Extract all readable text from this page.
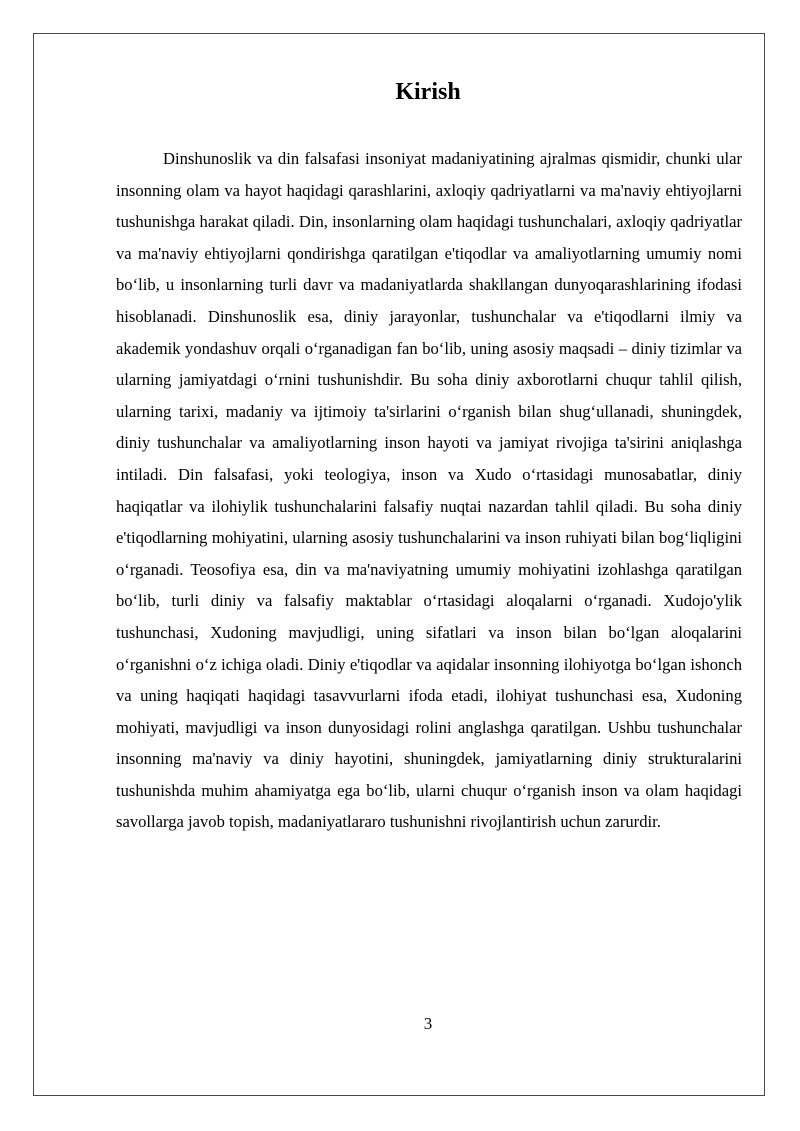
Kirish

Dinshunoslik va din falsafasi insoniyat madaniyatining ajralmas qismidir, chunki ular insonning olam va hayot haqidagi qarashlarini, axloqiy qadriyatlarni va ma'naviy ehtiyojlarni tushunishga harakat qiladi. Din, insonlarning olam haqidagi tushunchalari, axloqiy qadriyatlar va ma'naviy ehtiyojlarni qondirishga qaratilgan e'tiqodlar va amaliyotlarning umumiy nomi bo‘lib, u insonlarning turli davr va madaniyatlarda shakllangan dunyoqarashlarining ifodasi hisoblanadi. Dinshunoslik esa, diniy jarayonlar, tushunchalar va e'tiqodlarni ilmiy va akademik yondashuv orqali o‘rganadigan fan bo‘lib, uning asosiy maqsadi – diniy tizimlar va ularning jamiyatdagi o‘rnini tushunishdir. Bu soha diniy axborotlarni chuqur tahlil qilish, ularning tarixi, madaniy va ijtimoiy ta'sirlarini o‘rganish bilan shug‘ullanadi, shuningdek, diniy tushunchalar va amaliyotlarning inson hayoti va jamiyat rivojiga ta'sirini aniqlashga intiladi. Din falsafasi, yoki teologiya, inson va Xudo o‘rtasidagi munosabatlar, diniy haqiqatlar va ilohiylik tushunchalarini falsafiy nuqtai nazardan tahlil qiladi. Bu soha diniy e'tiqodlarning mohiyatini, ularning asosiy tushunchalarini va inson ruhiyati bilan bog‘liqligini o‘rganadi. Teosofiya esa, din va ma'naviyatning umumiy mohiyatini izohlashga qaratilgan bo‘lib, turli diniy va falsafiy maktablar o‘rtasidagi aloqalarni o‘rganadi. Xudojo'ylik tushunchasi, Xudoning mavjudligi, uning sifatlari va inson bilan bo‘lgan aloqalarini o‘rganishni o‘z ichiga oladi. Diniy e'tiqodlar va aqidalar insonning ilohiyotga bo‘lgan ishonch va uning haqiqati haqidagi tasavvurlarni ifoda etadi, ilohiyat tushunchasi esa, Xudoning mohiyati, mavjudligi va inson dunyosidagi rolini anglashga qaratilgan. Ushbu tushunchalar insonning ma'naviy va diniy hayotini, shuningdek, jamiyatlarning diniy strukturalarini tushunishda muhim ahamiyatga ega bo‘lib, ularni chuqur o‘rganish inson va olam haqidagi savollarga javob topish, madaniyatlararo tushunishni rivojlantirish uchun zarurdir.

3
